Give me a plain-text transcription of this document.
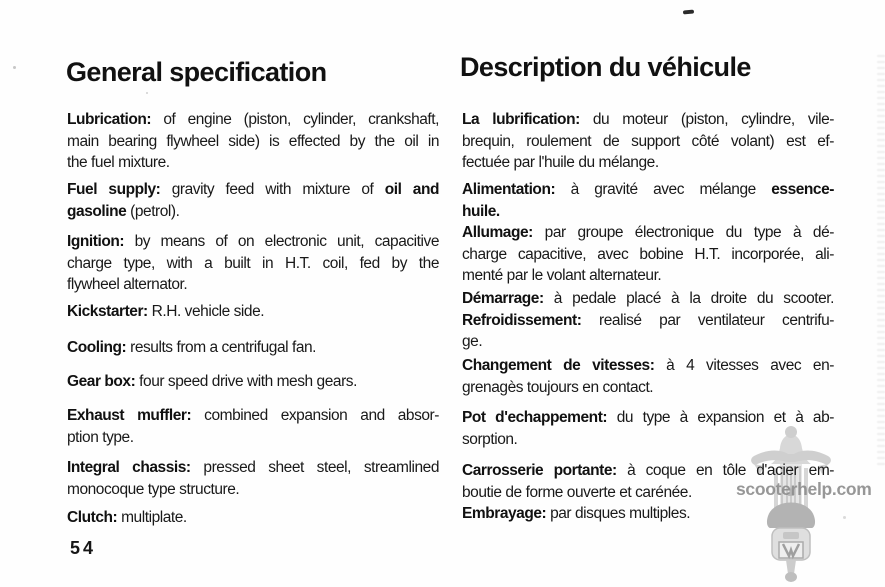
scooterhelp.com
General specification
Lubrication: of engine (piston, cylinder, crankshaft,
main bearing flywheel side) is effected by the oil in
the fuel mixture.
Fuel supply: gravity feed with mixture of oil and
gasoline (petrol).
Ignition: by means of on electronic unit, capacitive
charge type, with a built in H.T. coil, fed by the
flywheel alternator.
Kickstarter: R.H. vehicle side.
Cooling: results from a centrifugal fan.
Gear box: four speed drive with mesh gears.
Exhaust muffler: combined expansion and absor-
ption type.
Integral chassis: pressed sheet steel, streamlined
monocoque type structure.
Clutch: multiplate.
Description du véhicule
La lubrification: du moteur (piston, cylindre, vile-
brequin, roulement de support côté volant) est ef-
fectuée par l'huile du mélange.
Alimentation: à gravité avec mélange essence-
huile.
Allumage: par groupe électronique du type à dé-
charge capacitive, avec bobine H.T. incorporée, ali-
menté par le volant alternateur.
Démarrage: à pedale placé à la droite du scooter.
Refroidissement: realisé par ventilateur centrifu-
ge.
Changement de vitesses: à 4 vitesses avec en-
grenagès toujours en contact.
Pot d'echappement: du type à expansion et à ab-
sorption.
Carrosserie portante: à coque en tôle d'acier em-
boutie de forme ouverte et carénée.
Embrayage: par disques multiples.
54
